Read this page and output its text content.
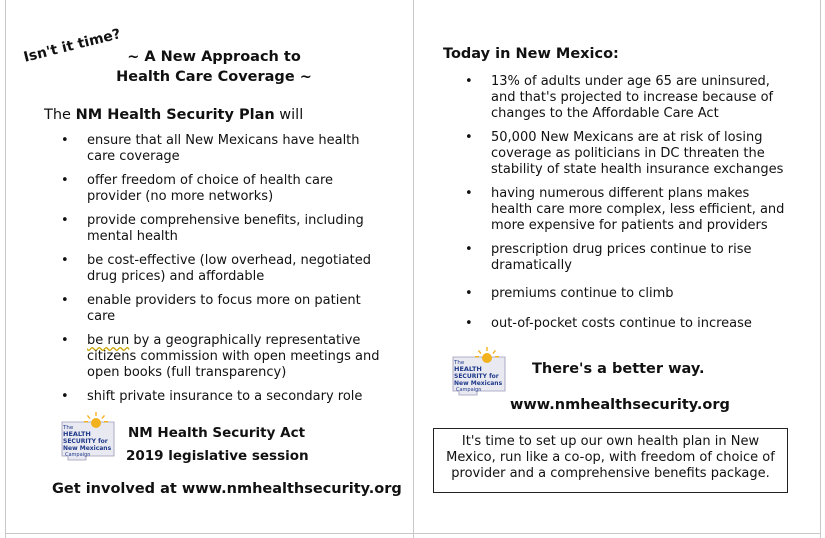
Isn't it time? ~ A New Approach to
Health Care Coverage ~
The NM Health Security Plan will
• ensure that all New Mexicans have health
care coverage
• offer freedom of choice of health care
provider (no more networks)
• provide comprehensive benefits, including
mental health
• be cost-effective (low overhead, negotiated
drug prices) and affordable
• enable providers to focus more on patient
care
• be run by a geographically representative
citizens commission with open meetings and
open books (full transparency)
• shift private insurance to a secondary role
The
HEALTH
SECURITY for
New Mexicans
Campaign
NM Health Security Act
2019 legislative session
Get involved at www.nmhealthsecurity.org
Today in New Mexico:
• 13% of adults under age 65 are uninsured,
and that's projected to increase because of
changes to the Affordable Care Act
• 50,000 New Mexicans are at risk of losing
coverage as politicians in DC threaten the
stability of state health insurance exchanges
• having numerous different plans makes
health care more complex, less efficient, and
more expensive for patients and providers
• prescription drug prices continue to rise
dramatically
• premiums continue to climb
• out-of-pocket costs continue to increase
The
HEALTH
SECURITY for
New Mexicans
Campaign
There's a better way.
www.nmhealthsecurity.org
It's time to set up our own health plan in New
Mexico, run like a co-op, with freedom of choice of
provider and a comprehensive benefits package.
